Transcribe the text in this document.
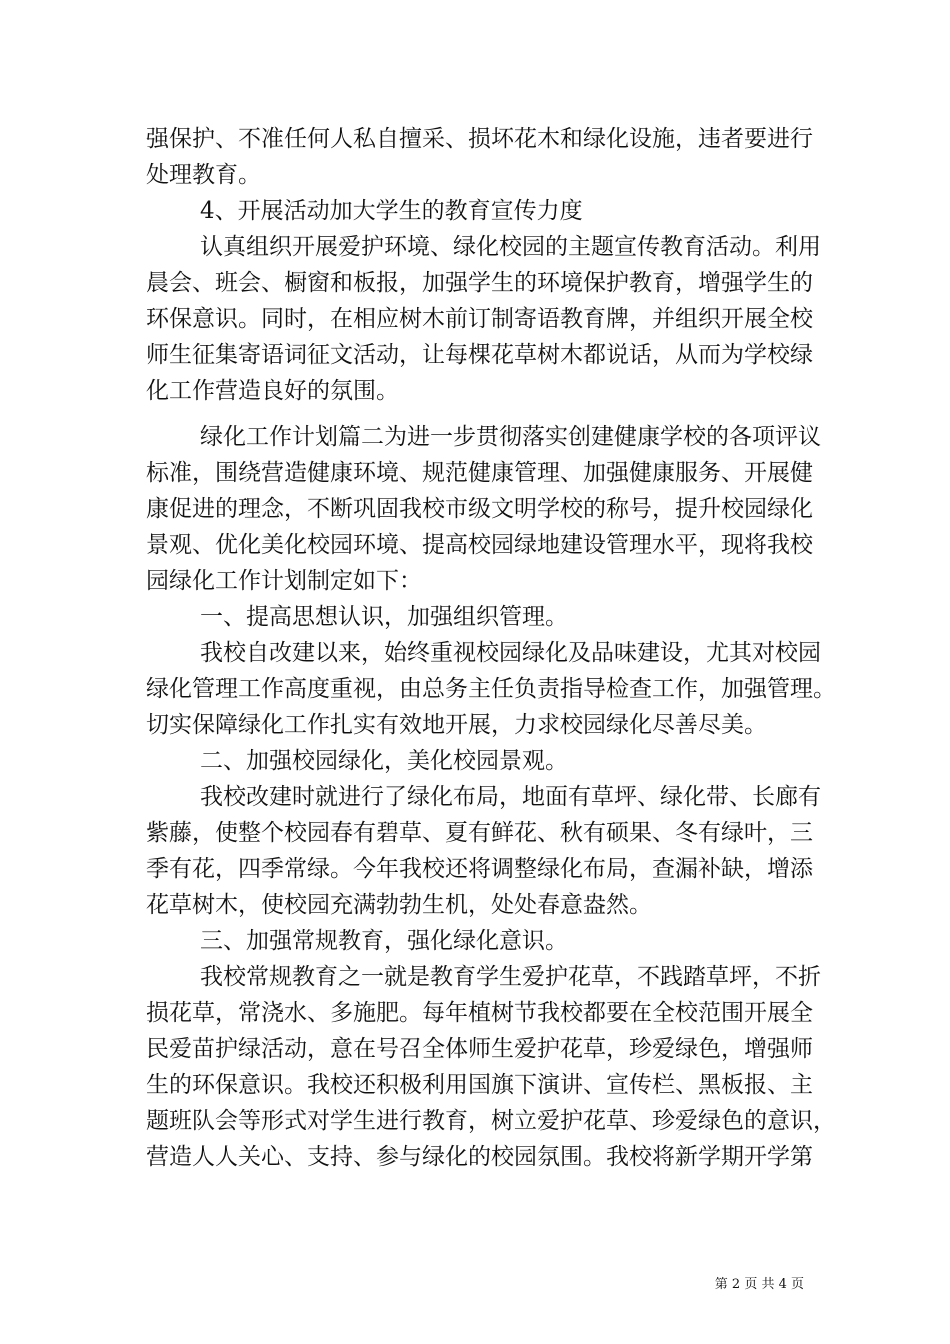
强保护、不准任何人私自擅采、损坏花木和绿化设施，违者要进行
处理教育。
4、开展活动加大学生的教育宣传力度
认真组织开展爱护环境、绿化校园的主题宣传教育活动。利用
晨会、班会、橱窗和板报，加强学生的环境保护教育，增强学生的
环保意识。同时，在相应树木前订制寄语教育牌，并组织开展全校
师生征集寄语词征文活动，让每棵花草树木都说话，从而为学校绿
化工作营造良好的氛围。
绿化工作计划篇二为进一步贯彻落实创建健康学校的各项评议
标准，围绕营造健康环境、规范健康管理、加强健康服务、开展健
康促进的理念，不断巩固我校市级文明学校的称号，提升校园绿化
景观、优化美化校园环境、提高校园绿地建设管理水平，现将我校
园绿化工作计划制定如下：
一、提高思想认识，加强组织管理。
我校自改建以来，始终重视校园绿化及品味建设，尤其对校园
绿化管理工作高度重视，由总务主任负责指导检查工作，加强管理。
切实保障绿化工作扎实有效地开展，力求校园绿化尽善尽美。
二、加强校园绿化，美化校园景观。
我校改建时就进行了绿化布局，地面有草坪、绿化带、长廊有
紫藤，使整个校园春有碧草、夏有鲜花、秋有硕果、冬有绿叶，三
季有花，四季常绿。今年我校还将调整绿化布局，查漏补缺，增添
花草树木，使校园充满勃勃生机，处处春意盎然。
三、加强常规教育，强化绿化意识。
我校常规教育之一就是教育学生爱护花草，不践踏草坪，不折
损花草，常浇水、多施肥。每年植树节我校都要在全校范围开展全
民爱苗护绿活动，意在号召全体师生爱护花草，珍爱绿色，增强师
生的环保意识。我校还积极利用国旗下演讲、宣传栏、黑板报、主
题班队会等形式对学生进行教育，树立爱护花草、珍爱绿色的意识，
营造人人关心、支持、参与绿化的校园氛围。我校将新学期开学第
第 2 页 共 4 页
